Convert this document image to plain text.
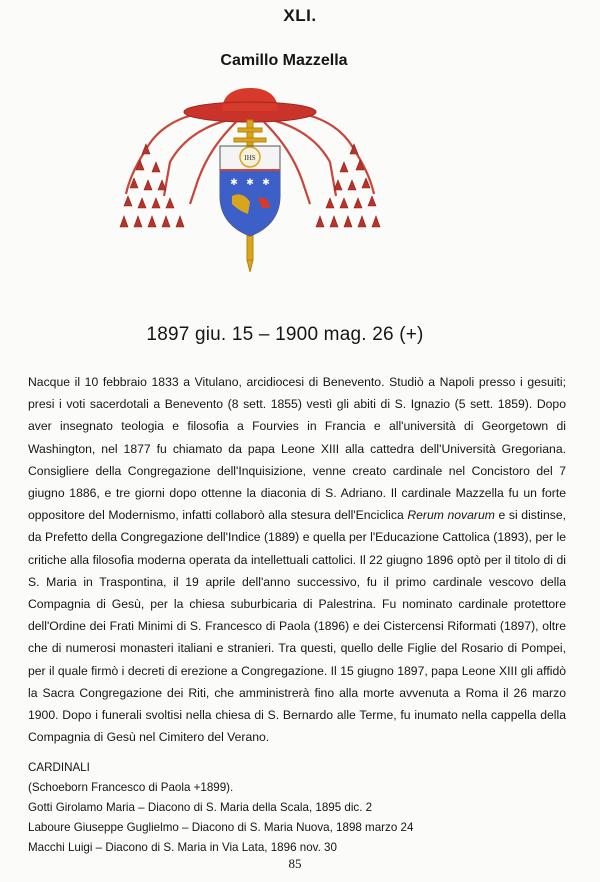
XLI.
Camillo Mazzella
IHS
✱ ✱ ✱
1897 giu. 15 – 1900 mag. 26 (+)

Nacque il 10 febbraio 1833 a Vitulano, arcidiocesi di Benevento. Studiò a Napoli presso i gesuiti; presi i voti sacerdotali a Benevento (8 sett. 1855) vestì gli abiti di S. Ignazio (5 sett. 1859). Dopo aver insegnato teologia e filosofia a Fourvies in Francia e all'università di Georgetown di Washington, nel 1877 fu chiamato da papa Leone XIII alla cattedra dell'Università Gregoriana. Consigliere della Congregazione dell'Inquisizione, venne creato cardinale nel Concistoro del 7 giugno 1886, e tre giorni dopo ottenne la diaconia di S. Adriano. Il cardinale Mazzella fu un forte oppositore del Modernismo, infatti collaborò alla stesura dell'Enciclica Rerum novarum e si distinse, da Prefetto della Congregazione dell'Indice (1889) e quella per l'Educazione Cattolica (1893), per le critiche alla filosofia moderna operata da intellettuali cattolici. Il 22 giugno 1896 optò per il titolo di di S. Maria in Traspontina, il 19 aprile dell'anno successivo, fu il primo cardinale vescovo della Compagnia di Gesù, per la chiesa suburbicaria di Palestrina. Fu nominato cardinale protettore dell'Ordine dei Frati Minimi di S. Francesco di Paola (1896) e dei Cistercensi Riformati (1897), oltre che di numerosi monasteri italiani e stranieri. Tra questi, quello delle Figlie del Rosario di Pompei, per il quale firmò i decreti di erezione a Congregazione. Il 15 giugno 1897, papa Leone XIII gli affidò la Sacra Congregazione dei Riti, che amministrerà fino alla morte avvenuta a Roma il 26 marzo 1900. Dopo i funerali svoltisi nella chiesa di S. Bernardo alle Terme, fu inumato nella cappella della Compagnia di Gesù nel Cimitero del Verano.

CARDINALI
(Schoeborn Francesco di Paola +1899).
Gotti Girolamo Maria – Diacono di S. Maria della Scala, 1895 dic. 2
Laboure Giuseppe Guglielmo – Diacono di S. Maria Nuova, 1898 marzo 24
Macchi Luigi – Diacono di S. Maria in Via Lata, 1896 nov. 30
85
